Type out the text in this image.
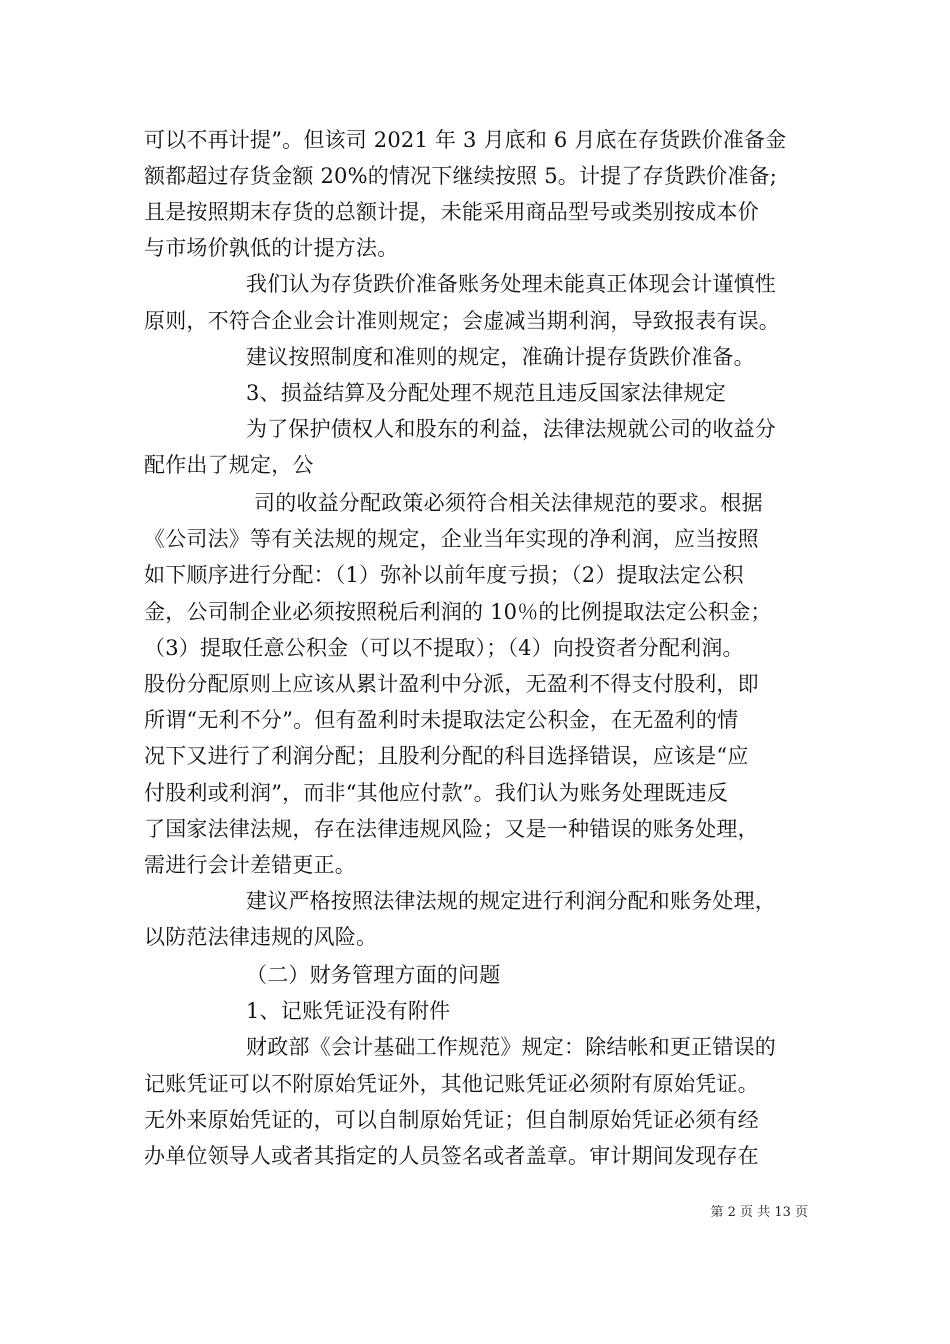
可以不再计提”。但该司 2021 年 3 月底和 6 月底在存货跌价准备金
额都超过存货金额 20%的情况下继续按照 5。计提了存货跌价准备;
且是按照期末存货的总额计提，未能采用商品型号或类别按成本价
与市场价孰低的计提方法。
我们认为存货跌价准备账务处理未能真正体现会计谨慎性
原则，不符合企业会计准则规定；会虚减当期利润，导致报表有误。
建议按照制度和准则的规定，准确计提存货跌价准备。
3、损益结算及分配处理不规范且违反国家法律规定
为了保护债权人和股东的利益，法律法规就公司的收益分
配作出了规定，公
司的收益分配政策必须符合相关法律规范的要求。根据
《公司法》等有关法规的规定，企业当年实现的净利润，应当按照
如下顺序进行分配：（1）弥补以前年度亏损；（2）提取法定公积
金，公司制企业必须按照税后利润的 10％的比例提取法定公积金；
（3）提取任意公积金（可以不提取）；（4）向投资者分配利润。
股份分配原则上应该从累计盈利中分派，无盈利不得支付股利，即
所谓“无利不分”。但有盈利时未提取法定公积金，在无盈利的情
况下又进行了利润分配；且股利分配的科目选择错误，应该是“应
付股利或利润”，而非“其他应付款”。我们认为账务处理既违反
了国家法律法规，存在法律违规风险；又是一种错误的账务处理，
需进行会计差错更正。
建议严格按照法律法规的规定进行利润分配和账务处理，
以防范法律违规的风险。
（二）财务管理方面的问题
1、记账凭证没有附件
财政部《会计基础工作规范》规定：除结帐和更正错误的
记账凭证可以不附原始凭证外，其他记账凭证必须附有原始凭证。
无外来原始凭证的，可以自制原始凭证；但自制原始凭证必须有经
办单位领导人或者其指定的人员签名或者盖章。审计期间发现存在
第 2 页 共 13 页
